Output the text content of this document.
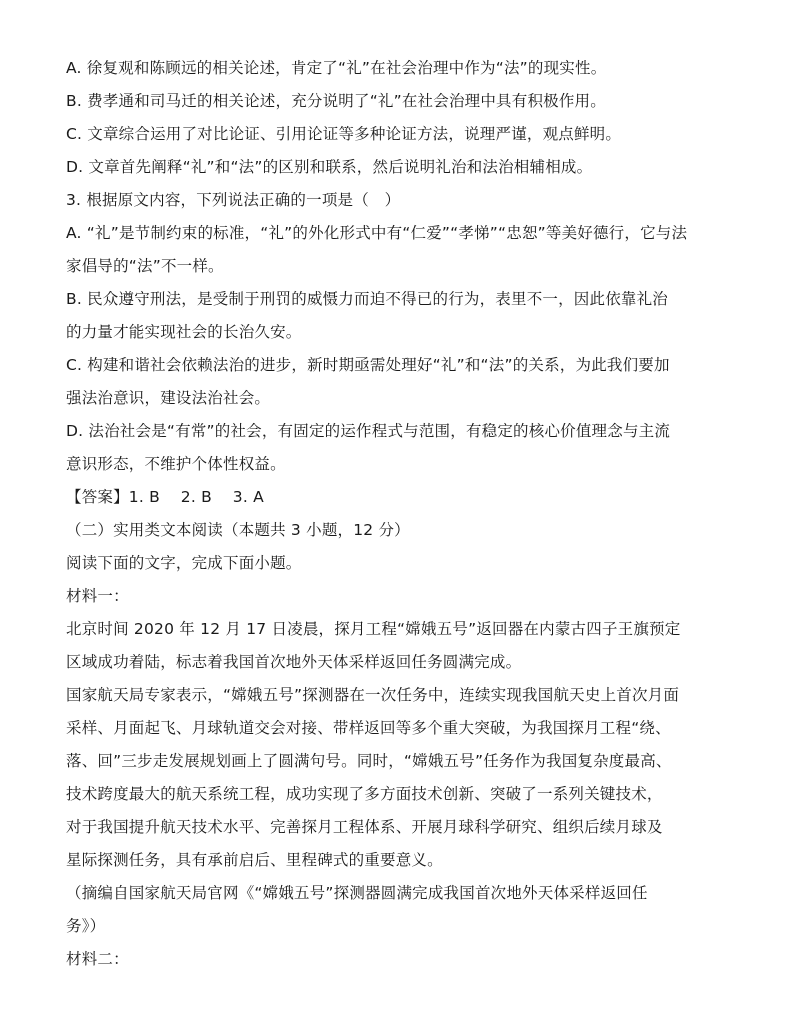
A. 徐复观和陈顾远的相关论述，肯定了“礼”在社会治理中作为“法”的现实性。
B. 费孝通和司马迁的相关论述，充分说明了“礼”在社会治理中具有积极作用。
C. 文章综合运用了对比论证、引用论证等多种论证方法，说理严谨，观点鲜明。
D. 文章首先阐释“礼”和“法”的区别和联系，然后说明礼治和法治相辅相成。
3. 根据原文内容，下列说法正确的一项是（　）
A. “礼”是节制约束的标准，“礼”的外化形式中有“仁爱”“孝悌”“忠恕”等美好德行，它与法
家倡导的“法”不一样。
B. 民众遵守刑法，是受制于刑罚的威慑力而迫不得已的行为，表里不一，因此依靠礼治
的力量才能实现社会的长治久安。
C. 构建和谐社会依赖法治的进步，新时期亟需处理好“礼”和“法”的关系，为此我们要加
强法治意识，建设法治社会。
D. 法治社会是“有常”的社会，有固定的运作程式与范围，有稳定的核心价值理念与主流
意识形态，不维护个体性权益。
【答案】1. B　 2. B　 3. A
（二）实用类文本阅读（本题共 3 小题，12 分）
阅读下面的文字，完成下面小题。
材料一：
北京时间 2020 年 12 月 17 日凌晨，探月工程“嫦娥五号”返回器在内蒙古四子王旗预定
区域成功着陆，标志着我国首次地外天体采样返回任务圆满完成。
国家航天局专家表示，“嫦娥五号”探测器在一次任务中，连续实现我国航天史上首次月面
采样、月面起飞、月球轨道交会对接、带样返回等多个重大突破，为我国探月工程“绕、
落、回”三步走发展规划画上了圆满句号。同时，“嫦娥五号”任务作为我国复杂度最高、
技术跨度最大的航天系统工程，成功实现了多方面技术创新、突破了一系列关键技术，
对于我国提升航天技术水平、完善探月工程体系、开展月球科学研究、组织后续月球及
星际探测任务，具有承前启后、里程碑式的重要意义。
（摘编自国家航天局官网《“嫦娥五号”探测器圆满完成我国首次地外天体采样返回任
务》）
材料二：
